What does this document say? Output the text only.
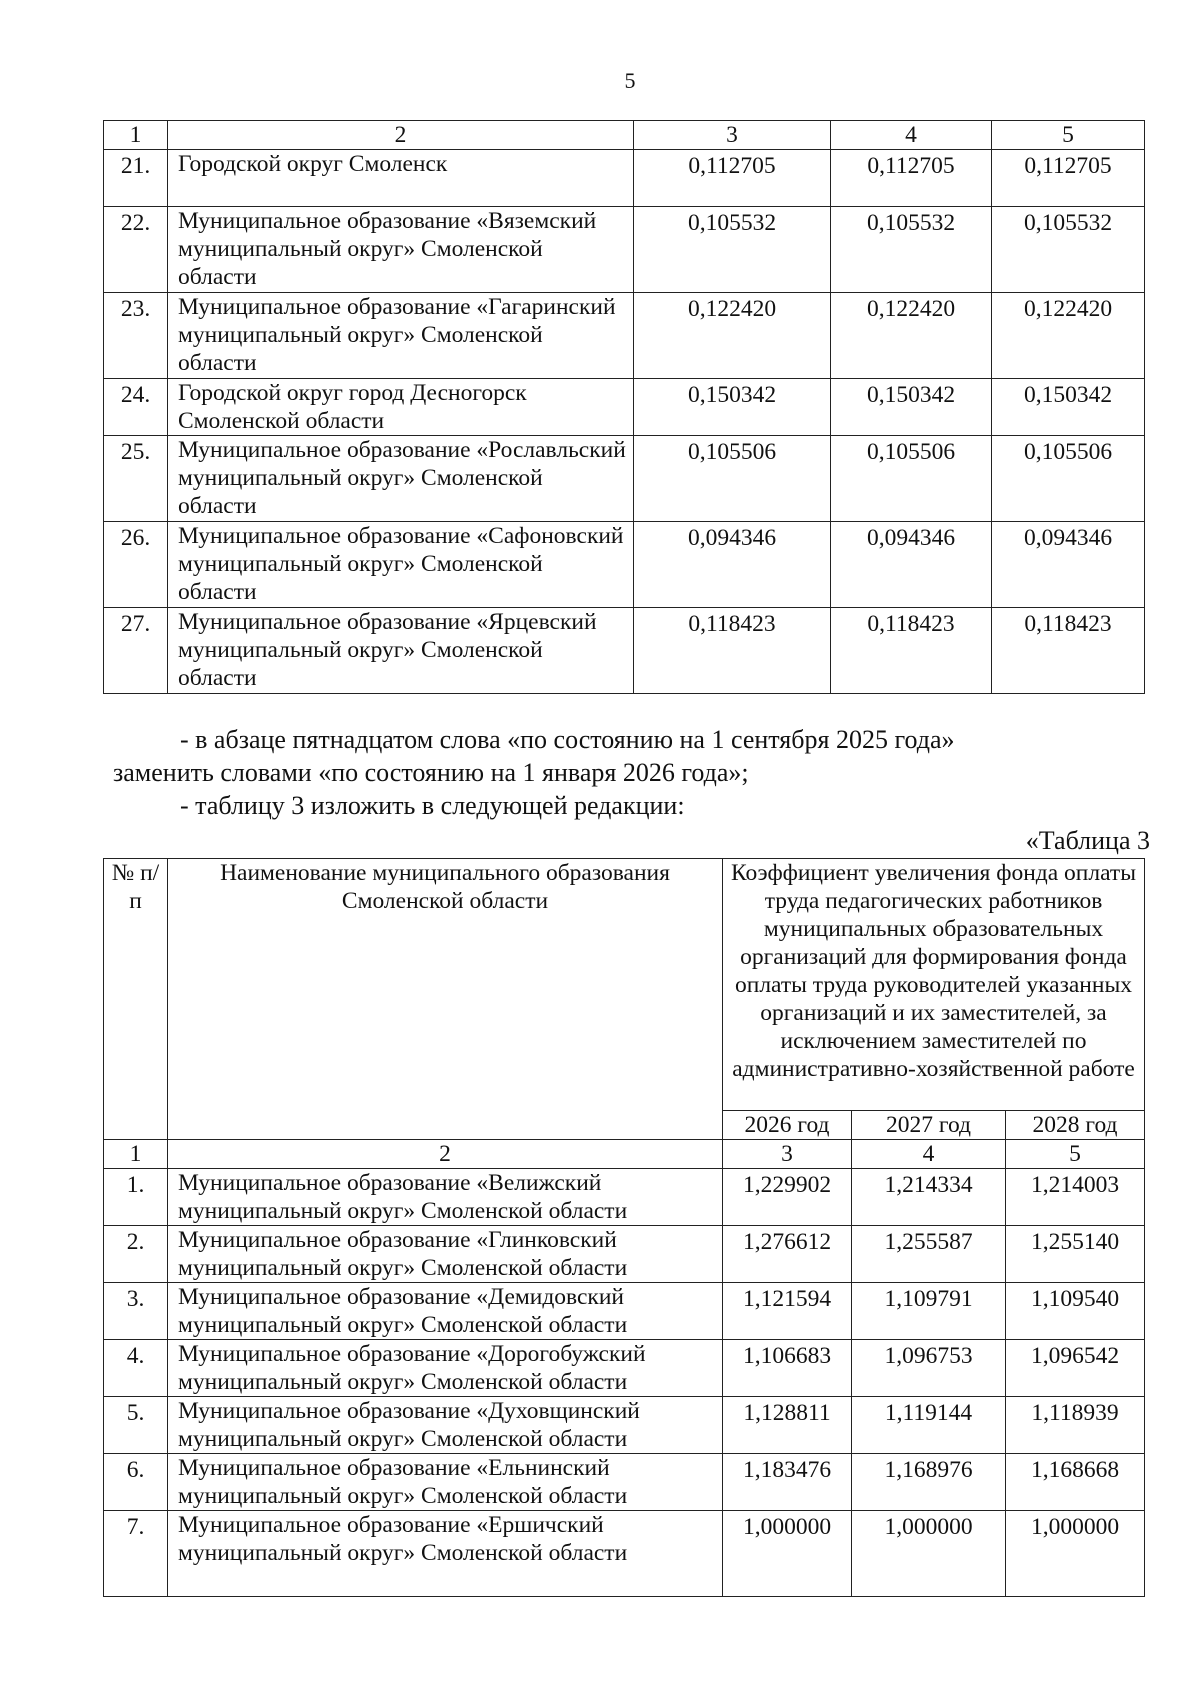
5
1	2	3	4	5
21.	Городской округ Смоленск	0,112705	0,112705	0,112705
22.	Муниципальное образование «Вяземский муниципальный округ» Смоленской области	0,105532	0,105532	0,105532
23.	Муниципальное образование «Гагаринский муниципальный округ» Смоленской области	0,122420	0,122420	0,122420
24.	Городской округ город Десногорск Смоленской области	0,150342	0,150342	0,150342
25.	Муниципальное образование «Рославльский муниципальный округ» Смоленской области	0,105506	0,105506	0,105506
26.	Муниципальное образование «Сафоновский муниципальный округ» Смоленской области	0,094346	0,094346	0,094346
27.	Муниципальное образование «Ярцевский муниципальный округ» Смоленской области	0,118423	0,118423	0,118423
- в абзаце пятнадцатом слова «по состоянию на 1 сентября 2025 года»
заменить словами «по состоянию на 1 января 2026 года»;
- таблицу 3 изложить в следующей редакции:
«Таблица 3
№ п/п	Наименование муниципального образования Смоленской области	Коэффициент увеличения фонда оплаты труда педагогических работников муниципальных образовательных организаций для формирования фонда оплаты труда руководителей указанных организаций и их заместителей, за исключением заместителей по административно-хозяйственной работе		
		2026 год	2027 год	2028 год
1	2	3	4	5
1.	Муниципальное образование «Велижский муниципальный округ» Смоленской области	1,229902	1,214334	1,214003
2.	Муниципальное образование «Глинковский муниципальный округ» Смоленской области	1,276612	1,255587	1,255140
3.	Муниципальное образование «Демидовский муниципальный округ» Смоленской области	1,121594	1,109791	1,109540
4.	Муниципальное образование «Дорогобужский муниципальный округ» Смоленской области	1,106683	1,096753	1,096542
5.	Муниципальное образование «Духовщинский муниципальный округ» Смоленской области	1,128811	1,119144	1,118939
6.	Муниципальное образование «Ельнинский муниципальный округ» Смоленской области	1,183476	1,168976	1,168668
7.	Муниципальное образование «Ершичский муниципальный округ» Смоленской области	1,000000	1,000000	1,000000
